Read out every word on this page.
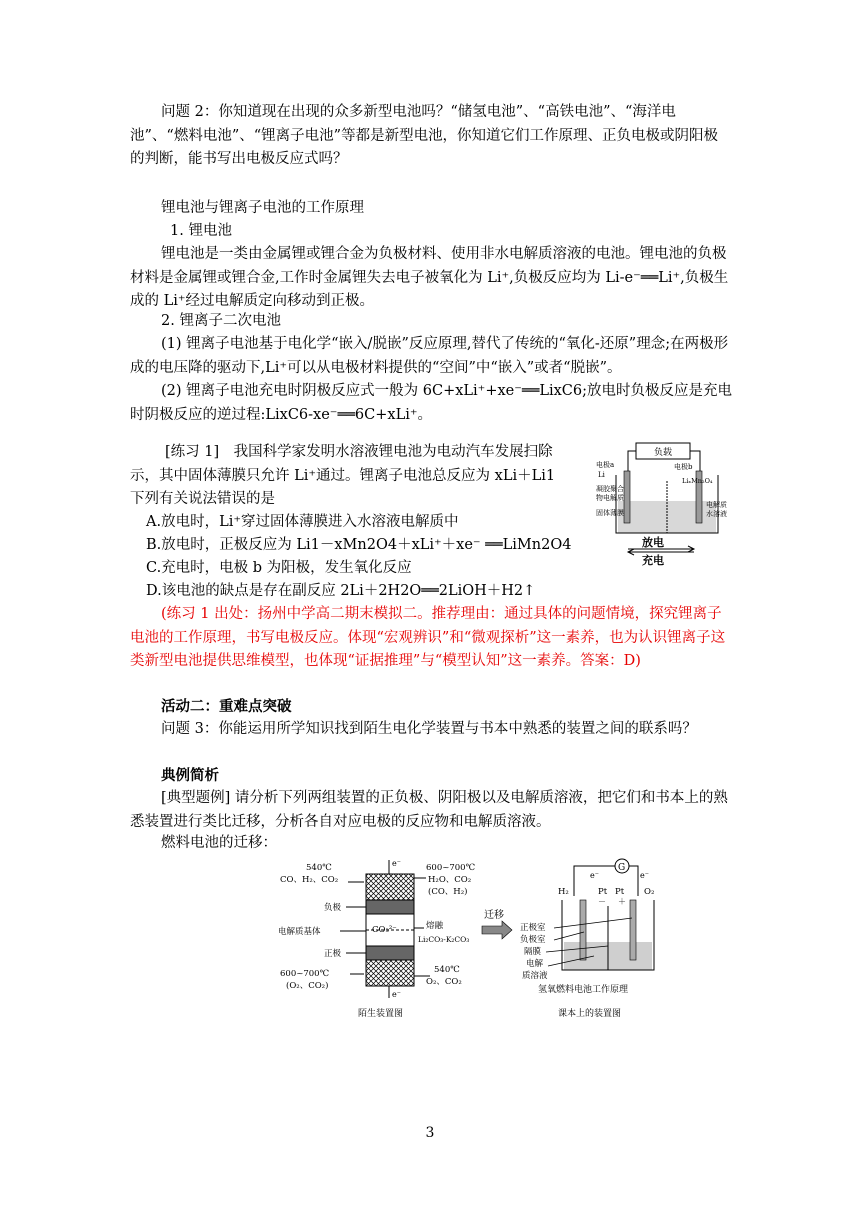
问题 2：你知道现在出现的众多新型电池吗？“储氢电池”、“高铁电池”、“海洋电池”、“燃料电池”、“锂离子电池”等都是新型电池，你知道它们工作原理、正负电极或阴阳极的判断，能书写出电极反应式吗？

锂电池与锂离子电池的工作原理

1. 锂电池

锂电池是一类由金属锂或锂合金为负极材料、使用非水电解质溶液的电池。锂电池的负极材料是金属锂或锂合金,工作时金属锂失去电子被氧化为 Li⁺,负极反应均为 Li-e⁻══Li⁺,负极生成的 Li⁺经过电解质定向移动到正极。

2. 锂离子二次电池

(1) 锂离子电池基于电化学“嵌入/脱嵌”反应原理,替代了传统的“氧化-还原”理念;在两极形成的电压降的驱动下,Li⁺可以从电极材料提供的“空间”中“嵌入”或者“脱嵌”。

(2) 锂离子电池充电时阴极反应式一般为 6C+xLi⁺+xe⁻══LixC6;放电时负极反应是充电时阴极反应的逆过程:LixC6-xe⁻══6C+xLi⁺。

[练习 1]　我国科学家发明水溶液锂电池为电动汽车发展扫除
示，其中固体薄膜只允许 Li⁺通过。锂离子电池总反应为 xLi＋Li1
下列有关说法错误的是
A.放电时，Li⁺穿过固体薄膜进入水溶液电解质中
B.放电时，正极反应为 Li1－xMn2O4＋xLi⁺＋xe⁻ ══LiMn2O4
C.充电时，电极 b 为阳极，发生氧化反应
D.该电池的缺点是存在副反应 2Li＋2H2O══2LiOH＋H2↑
负载
电极a
Li
凝胶聚合
物电解质
固体薄膜
电极b
LiₓMn₂O₄
电解质
水溶液
放电
充电

(练习 1 出处：扬州中学高二期末模拟二。推荐理由：通过具体的问题情境，探究锂离子电池的工作原理，书写电极反应。体现“宏观辨识”和“微观探析”这一素养，也为认识锂离子这类新型电池提供思维模型，也体现“证据推理”与“模型认知”这一素养。答案：D)

活动二：重难点突破

问题 3：你能运用所学知识找到陌生电化学装置与书本中熟悉的装置之间的联系吗？

典例简析

[典型题例] 请分析下列两组装置的正负极、阴阳极以及电解质溶液，把它们和书本上的熟悉装置进行类比迁移，分析各自对应电极的反应物和电解质溶液。

燃料电池的迁移：

e⁻
e⁻
540℃
CO、H₂、CO₂
600~700℃
H₂O、CO₂
(CO、H₂)
负极
电解质基体	CO₃²⁻	熔融
Li₂CO₃-K₂CO₃
正极
600~700℃
(O₂、CO₂)
540℃
O₂、CO₂
陌生装置图
迁移
G
e⁻	e⁻
H₂	Pt Pt O₂
－ ＋
正极室
负极室
隔膜
电解
质溶液
氢氧燃料电池工作原理
课本上的装置图
3
